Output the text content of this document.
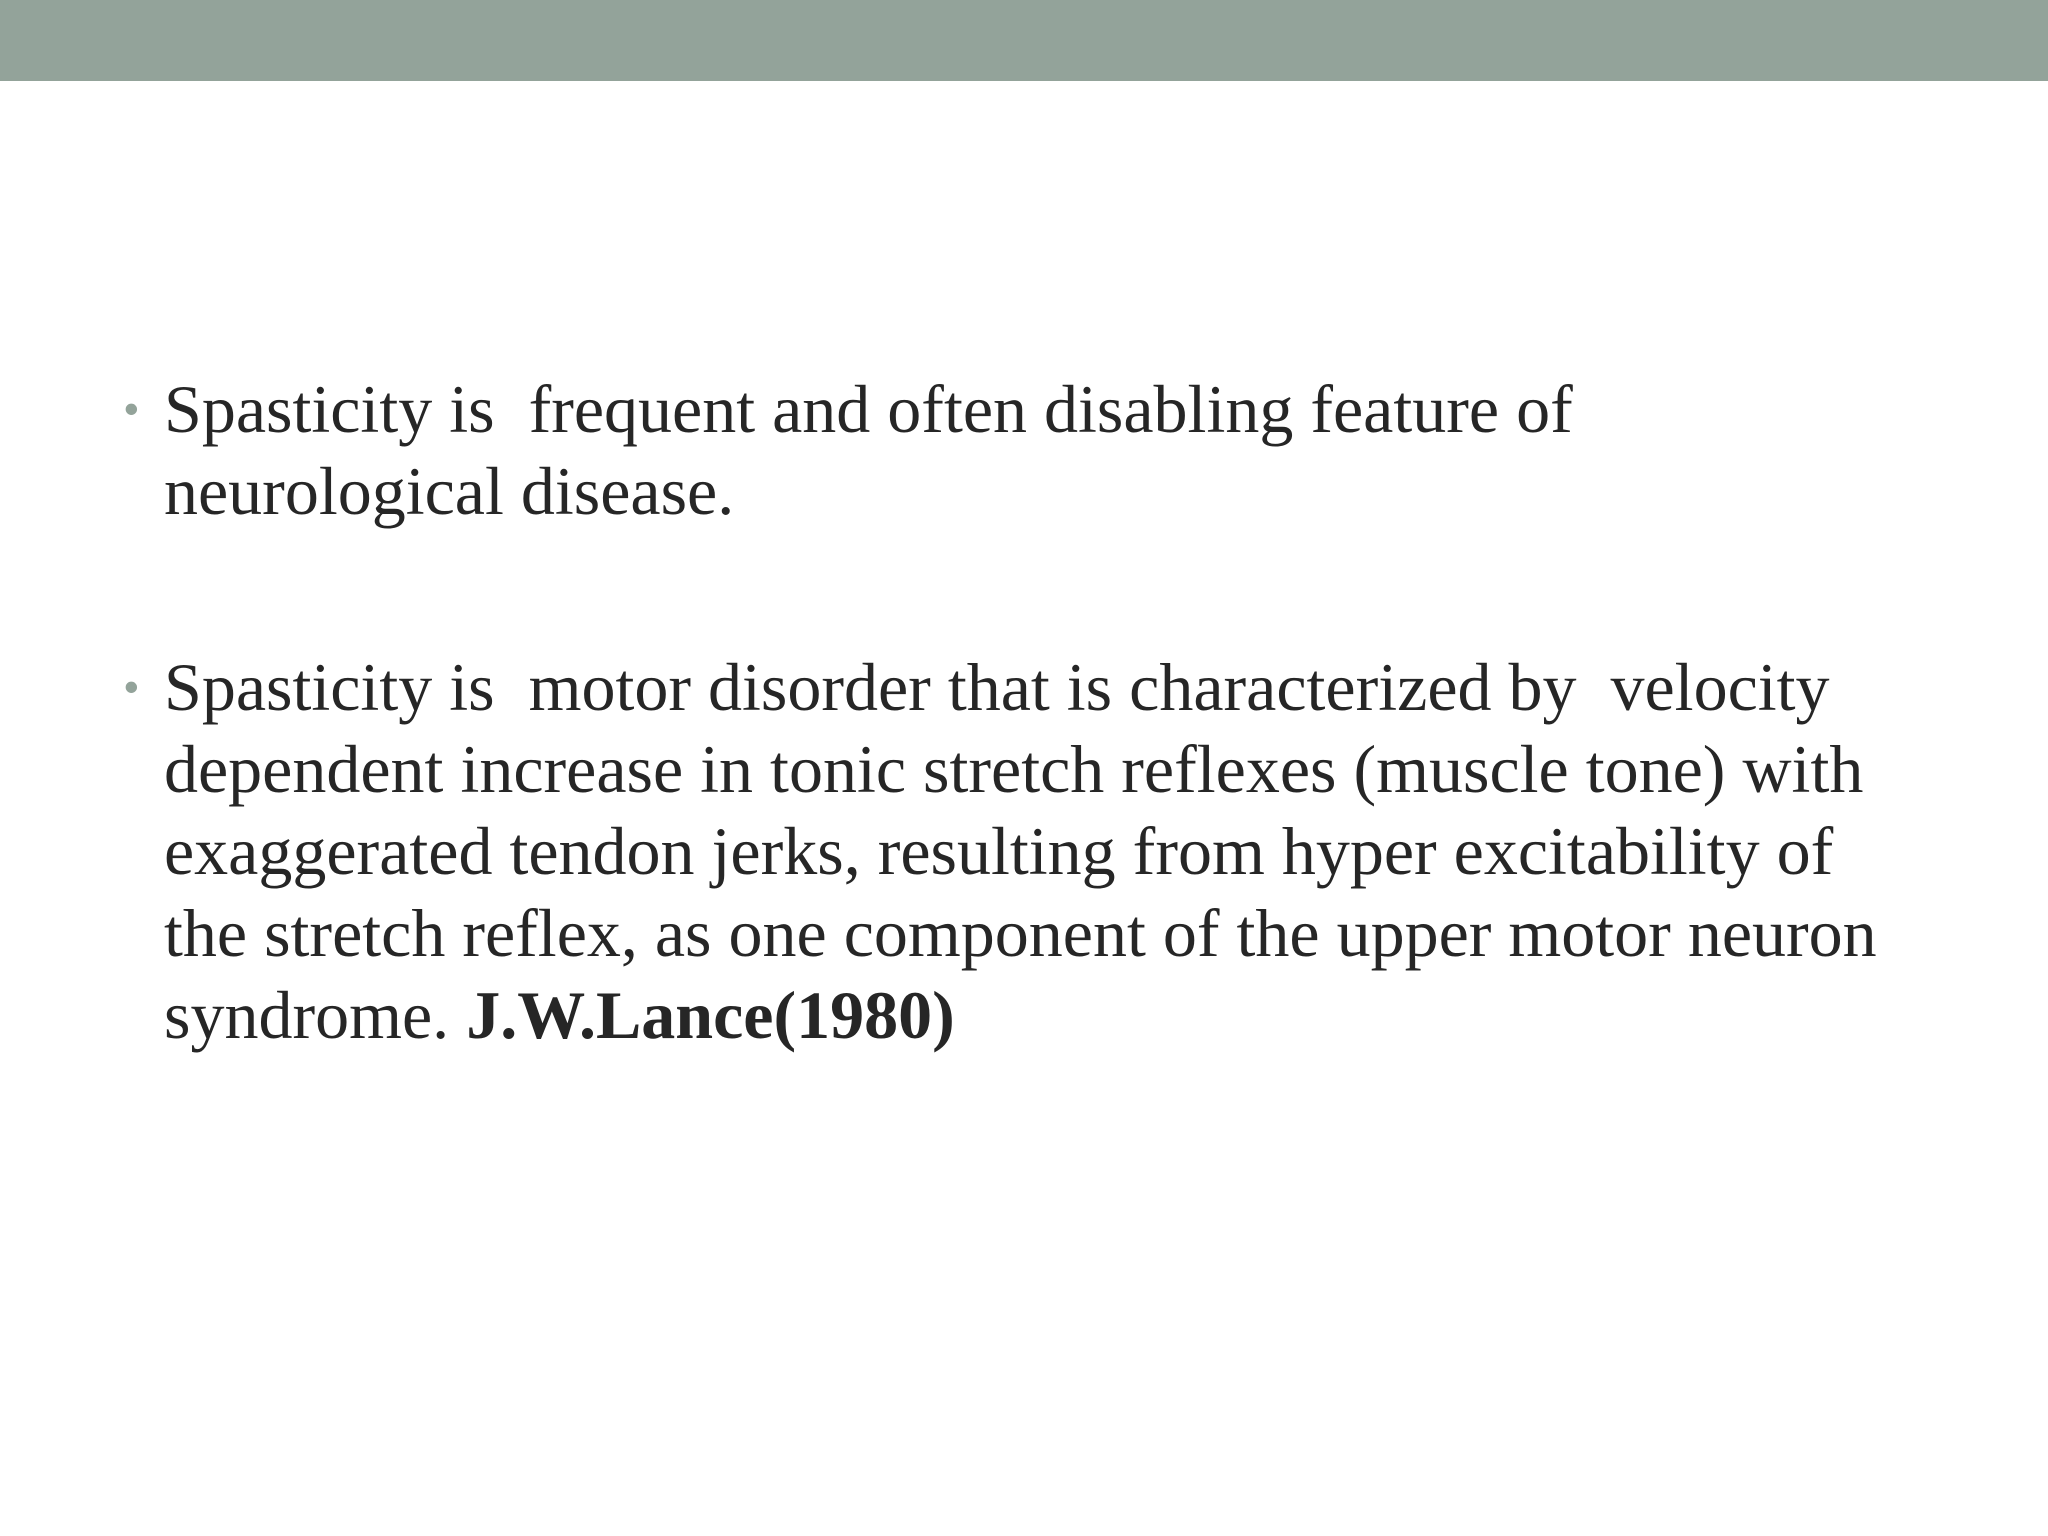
• Spasticity is  frequent and often disabling feature of
neurological disease.
• Spasticity is  motor disorder that is characterized by  velocity
dependent increase in tonic stretch reflexes (muscle tone) with
exaggerated tendon jerks, resulting from hyper excitability of
the stretch reflex, as one component of the upper motor neuron
syndrome. J.W.Lance(1980)
